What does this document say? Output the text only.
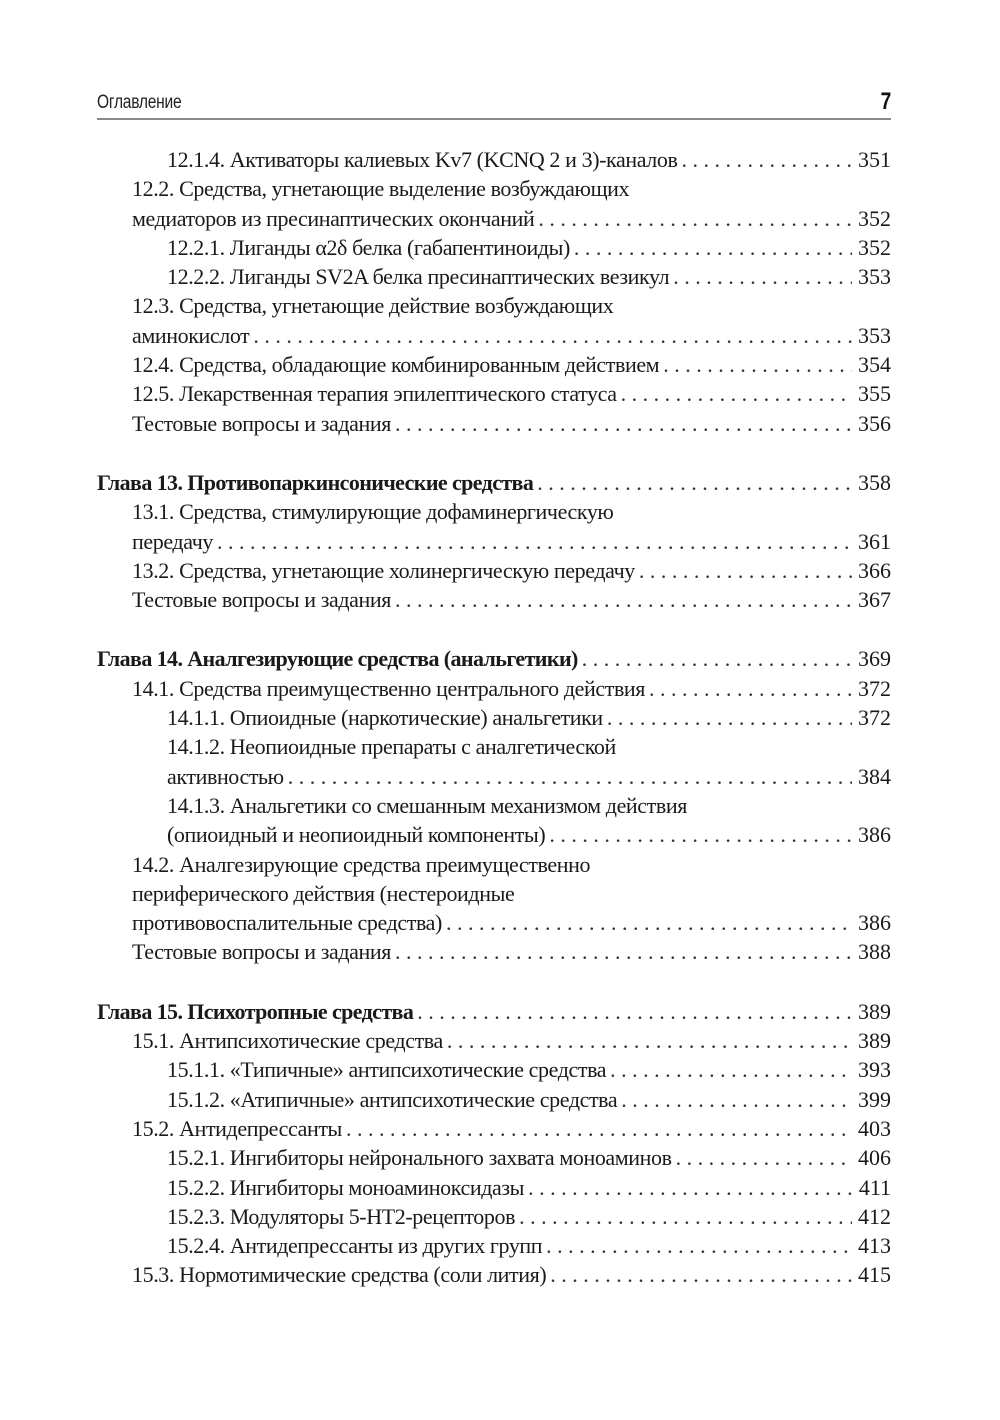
Оглавление	7
12.1.4. Активаторы калиевых Kv7 (KCNQ 2 и 3)-каналов . . .	351
12.2. Средства, угнетающие выделение возбуждающих
медиаторов из пресинаптических окончаний . . .	352
12.2.1. Лиганды α2δ белка (габапентиноиды) . . .	352
12.2.2. Лиганды SV2A белка пресинаптических везикул . . .	353
12.3. Средства, угнетающие действие возбуждающих
аминокислот . . .	353
12.4. Средства, обладающие комбинированным действием . . .	354
12.5. Лекарственная терапия эпилептического статуса . . .	355
Тестовые вопросы и задания . . .	356
Глава 13. Противопаркинсонические средства . . .	358
13.1. Средства, стимулирующие дофаминергическую
передачу . . .	361
13.2. Средства, угнетающие холинергическую передачу . . .	366
Тестовые вопросы и задания . . .	367
Глава 14. Аналгезирующие средства (анальгетики) . . .	369
14.1. Средства преимущественно центрального действия . . .	372
14.1.1. Опиоидные (наркотические) анальгетики . . .	372
14.1.2. Неопиоидные препараты с аналгетической
активностью . . .	384
14.1.3. Анальгетики со смешанным механизмом действия
(опиоидный и неопиоидный компоненты) . . .	386
14.2. Аналгезирующие средства преимущественно
периферического действия (нестероидные
противовоспалительные средства) . . .	386
Тестовые вопросы и задания . . .	388
Глава 15. Психотропные средства . . .	389
15.1. Антипсихотические средства . . .	389
15.1.1. «Типичные» антипсихотические средства . . .	393
15.1.2. «Атипичные» антипсихотические средства . . .	399
15.2. Антидепрессанты . . .	403
15.2.1. Ингибиторы нейронального захвата моноаминов . . .	406
15.2.2. Ингибиторы моноаминоксидазы . . .	411
15.2.3. Модуляторы 5-НТ2-рецепторов . . .	412
15.2.4. Антидепрессанты из других групп . . .	413
15.3. Нормотимические средства (соли лития) . . .	415
